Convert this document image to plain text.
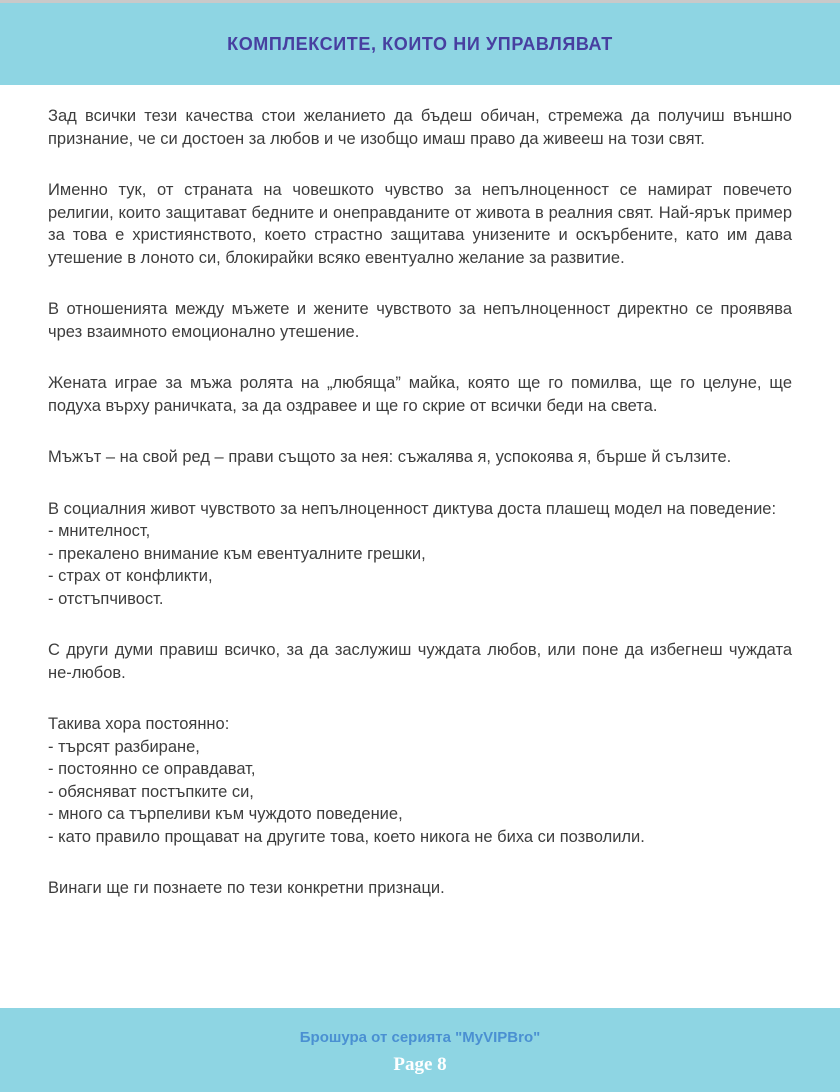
КОМПЛЕКСИТЕ, КОИТО НИ УПРАВЛЯВАТ

Зад всички тези качества стои желанието да бъдеш обичан, стремежа да получиш външно признание, че си достоен за любов и че изобщо имаш право да живееш на този свят.

Именно тук, от страната на човешкото чувство за непълноценност се намират повечето религии, които защитават бедните и онеправданите от живота в реалния свят. Най-ярък пример за това е християнството, което страстно защитава унизените и оскърбените, като им дава утешение в лоното си, блокирайки всяко евентуално желание за развитие.

В отношенията между мъжете и жените чувството за непълноценност директно се проявява чрез взаимното емоционално утешение.

Жената играе за мъжа ролята на „любяща” майка, която ще го помилва, ще го целуне, ще подуха върху раничката, за да оздравее и ще го скрие от всички беди на света.

Мъжът – на свой ред – прави същото за нея: съжалява я, успокоява я, бърше й сълзите.

В социалния живот чувството за непълноценност диктува доста плашещ модел на поведение:

- мнителност,

- прекалено внимание към евентуалните грешки,

- страх от конфликти,

- отстъпчивост.

С други думи правиш всичко, за да заслужиш чуждата любов, или поне да избегнеш чуждата не-любов.

Такива хора постоянно:

- търсят разбиране,

- постоянно се оправдават,

- обясняват постъпките си,

- много са търпеливи към чуждото поведение,

- като правило прощават на другите това, което никога не биха си позволили.

Винаги ще ги познаете по тези конкретни признаци.

Брошура от серията "MyVIPBro"
Page 8
